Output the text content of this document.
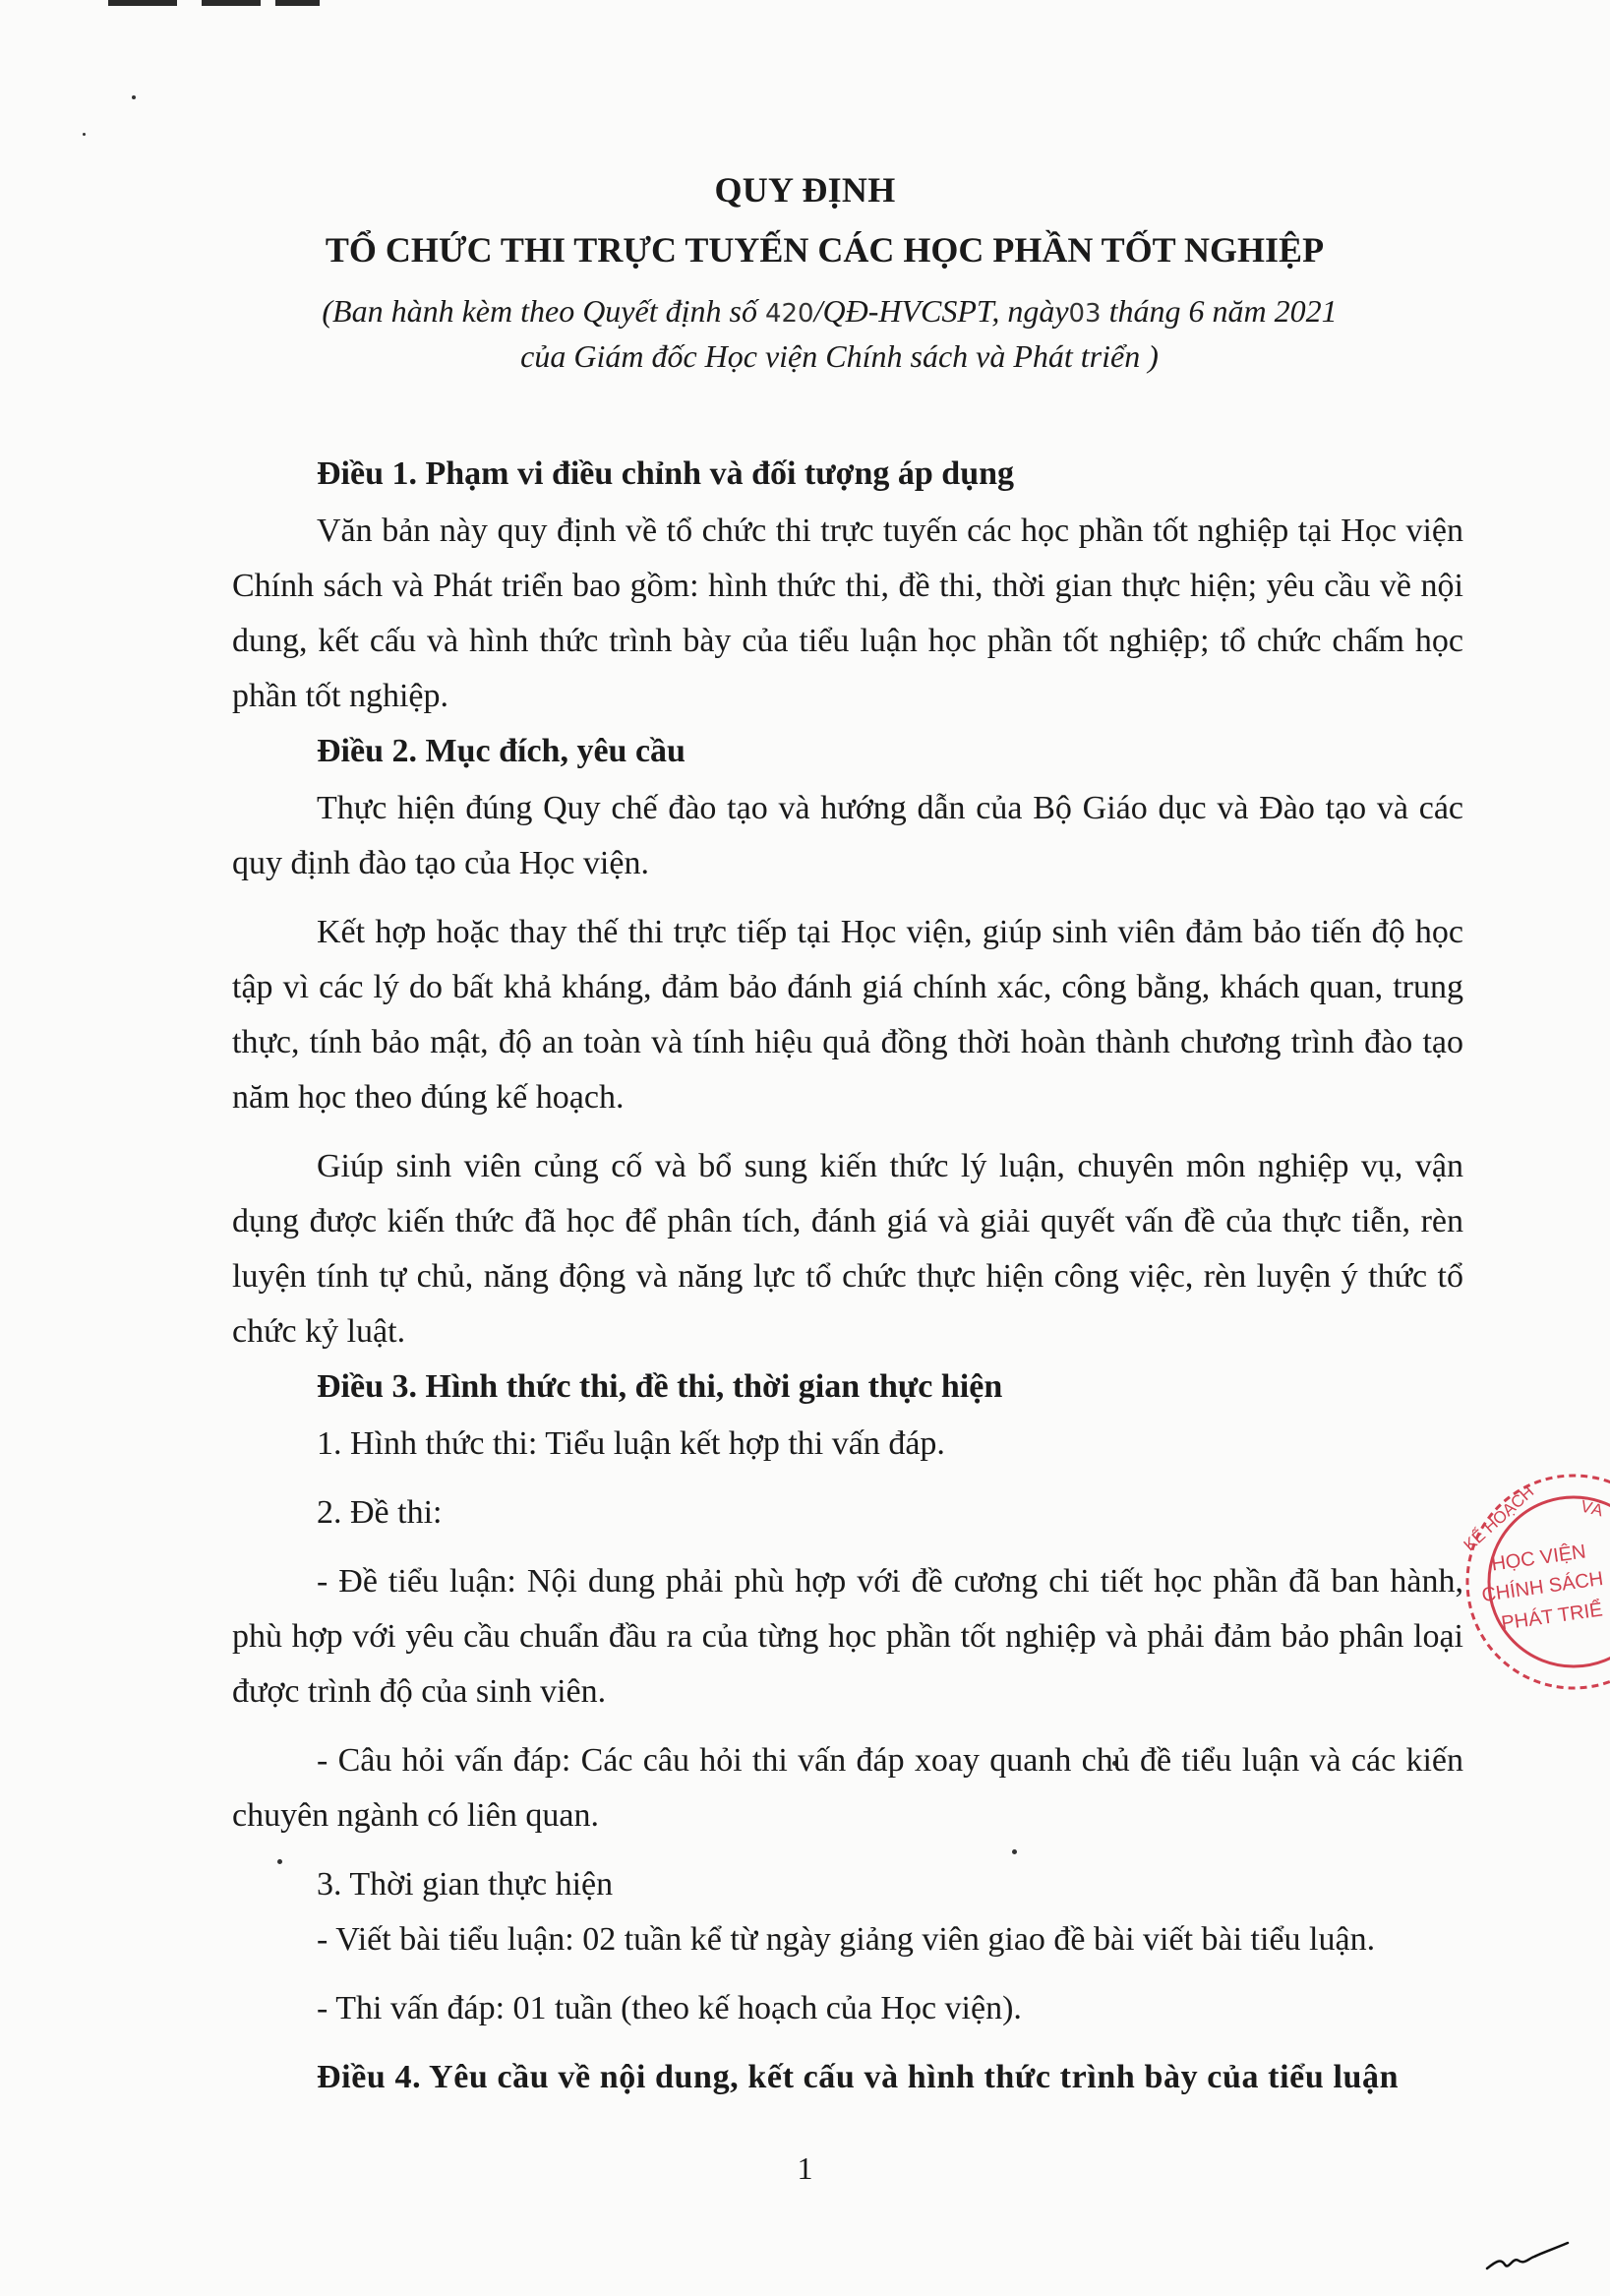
QUY ĐỊNH
TỔ CHỨC THI TRỰC TUYẾN CÁC HỌC PHẦN TỐT NGHIỆP
(Ban hành kèm theo Quyết định số 420/QĐ-HVCSPT, ngày03 tháng 6 năm 2021
của Giám đốc Học viện Chính sách và Phát triển )

Điều 1. Phạm vi điều chỉnh và đối tượng áp dụng

Văn bản này quy định về tổ chức thi trực tuyến các học phần tốt nghiệp tại Học viện Chính sách và Phát triển bao gồm: hình thức thi, đề thi, thời gian thực hiện; yêu cầu về nội dung, kết cấu và hình thức trình bày của tiểu luận học phần tốt nghiệp; tổ chức chấm học phần tốt nghiệp.

Điều 2. Mục đích, yêu cầu

Thực hiện đúng Quy chế đào tạo và hướng dẫn của Bộ Giáo dục và Đào tạo và các quy định đào tạo của Học viện.

Kết hợp hoặc thay thế thi trực tiếp tại Học viện, giúp sinh viên đảm bảo tiến độ học tập vì các lý do bất khả kháng, đảm bảo đánh giá chính xác, công bằng, khách quan, trung thực, tính bảo mật, độ an toàn và tính hiệu quả đồng thời hoàn thành chương trình đào tạo năm học theo đúng kế hoạch.

Giúp sinh viên củng cố và bổ sung kiến thức lý luận, chuyên môn nghiệp vụ, vận dụng được kiến thức đã học để phân tích, đánh giá và giải quyết vấn đề của thực tiễn, rèn luyện tính tự chủ, năng động và năng lực tổ chức thực hiện công việc, rèn luyện ý thức tổ chức kỷ luật.

Điều 3. Hình thức thi, đề thi, thời gian thực hiện

1. Hình thức thi: Tiểu luận kết hợp thi vấn đáp.

2. Đề thi:

- Đề tiểu luận: Nội dung phải phù hợp với đề cương chi tiết học phần đã ban hành, phù hợp với yêu cầu chuẩn đầu ra của từng học phần tốt nghiệp và phải đảm bảo phân loại được trình độ của sinh viên.

- Câu hỏi vấn đáp: Các câu hỏi thi vấn đáp xoay quanh chủ đề tiểu luận và các kiến chuyên ngành có liên quan.

3. Thời gian thực hiện

- Viết bài tiểu luận: 02 tuần kể từ ngày giảng viên giao đề bài viết bài tiểu luận.

- Thi vấn đáp: 01 tuần (theo kế hoạch của Học viện).

Điều 4. Yêu cầu về nội dung, kết cấu và hình thức trình bày của tiểu luận

1
KẾ HOẠCH VÀ
HỌC VIỆN
CHÍNH SÁCH
PHÁT TRIỂ
